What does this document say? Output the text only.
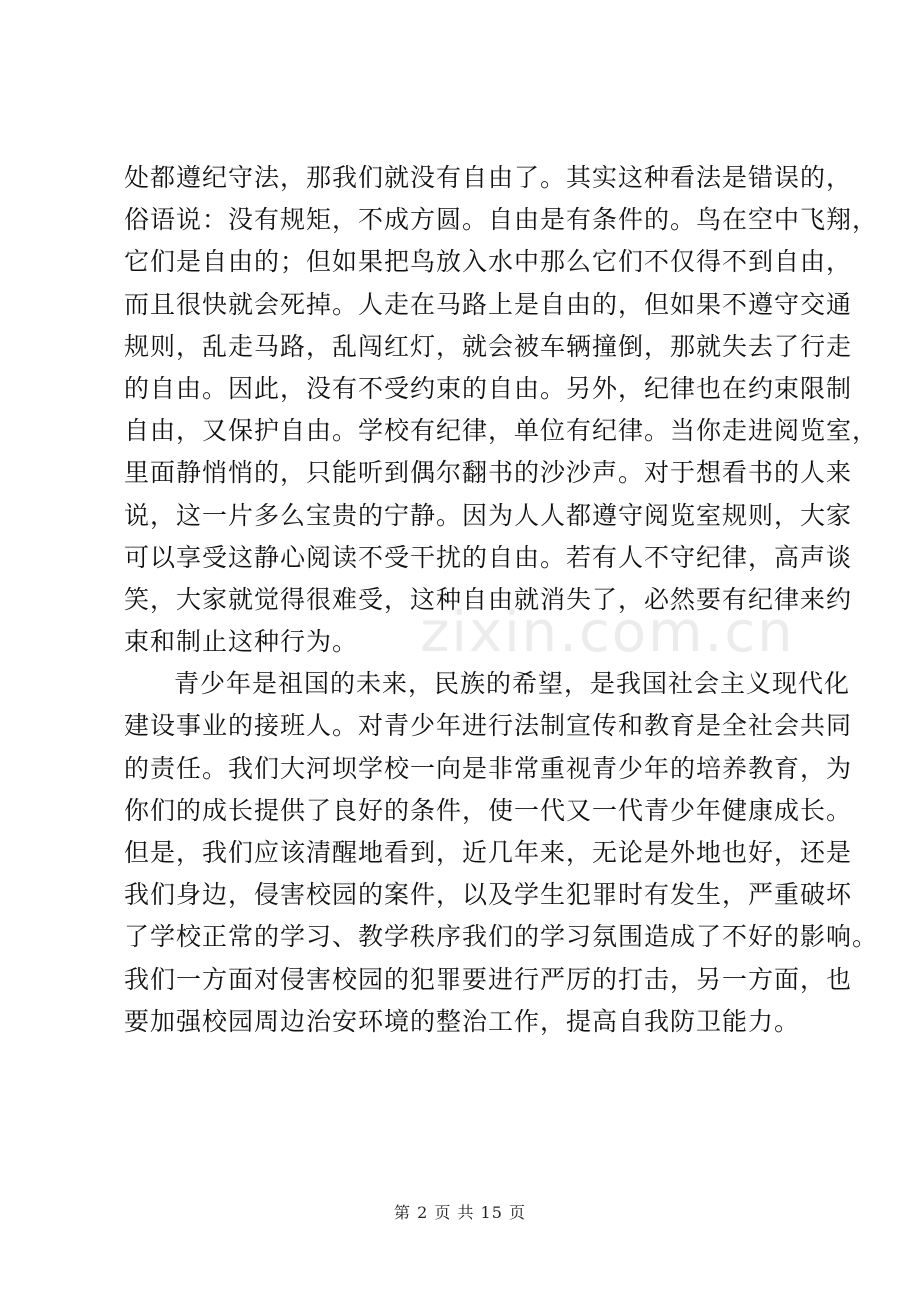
处都遵纪守法，那我们就没有自由了。其实这种看法是错误的，
俗语说：没有规矩，不成方圆。自由是有条件的。鸟在空中飞翔，
它们是自由的；但如果把鸟放入水中那么它们不仅得不到自由，
而且很快就会死掉。人走在马路上是自由的，但如果不遵守交通
规则，乱走马路，乱闯红灯，就会被车辆撞倒，那就失去了行走
的自由。因此，没有不受约束的自由。另外，纪律也在约束限制
自由，又保护自由。学校有纪律，单位有纪律。当你走进阅览室，
里面静悄悄的，只能听到偶尔翻书的沙沙声。对于想看书的人来
说，这一片多么宝贵的宁静。因为人人都遵守阅览室规则，大家
可以享受这静心阅读不受干扰的自由。若有人不守纪律，高声谈
笑，大家就觉得很难受，这种自由就消失了，必然要有纪律来约
束和制止这种行为。
青少年是祖国的未来，民族的希望，是我国社会主义现代化
建设事业的接班人。对青少年进行法制宣传和教育是全社会共同
的责任。我们大河坝学校一向是非常重视青少年的培养教育，为
你们的成长提供了良好的条件，使一代又一代青少年健康成长。
但是，我们应该清醒地看到，近几年来，无论是外地也好，还是
我们身边，侵害校园的案件，以及学生犯罪时有发生，严重破坏
了学校正常的学习、教学秩序我们的学习氛围造成了不好的影响。
我们一方面对侵害校园的犯罪要进行严厉的打击，另一方面，也
要加强校园周边治安环境的整治工作，提高自我防卫能力。
zixin.com.cn
第 2 页 共 15 页
